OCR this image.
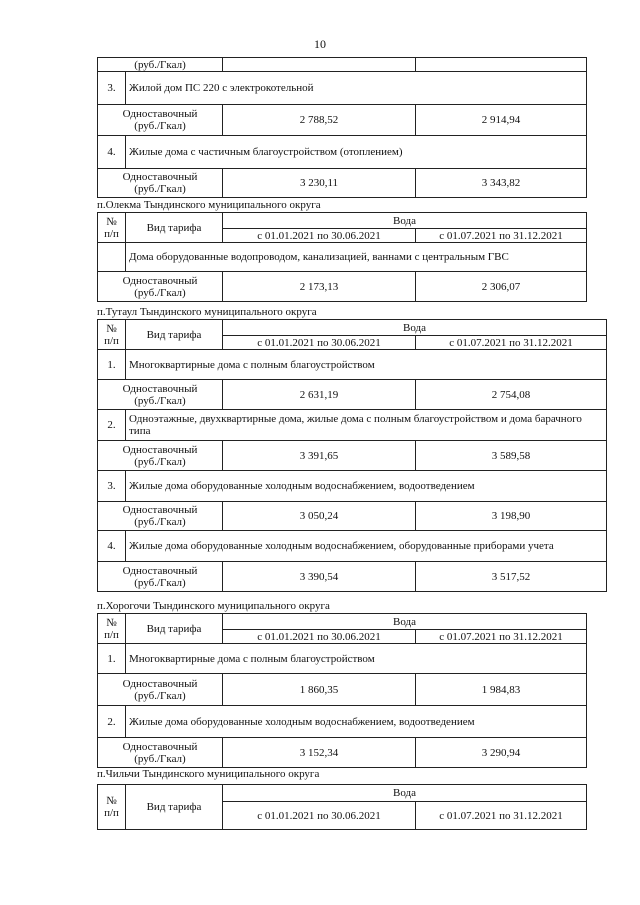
10
(руб./Гкал)			
3.	Жилой дом ПС 220 с электрокотельной		
Одноставочный
(руб./Гкал)		2 788,52	2 914,94
4.	Жилые дома с частичным благоустройством (отоплением)		
Одноставочный
(руб./Гкал)		3 230,11	3 343,82
п.Олекма Тындинского муниципального округа
№
п/п	Вид тарифа	Вода	
		с 01.01.2021 по 30.06.2021	с 01.07.2021 по 31.12.2021
	Дома оборудованные водопроводом, канализацией, ваннами с центральным ГВС		
Одноставочный
(руб./Гкал)		2 173,13	2 306,07
п.Тутаул Тындинского муниципального округа
№
п/п	Вид тарифа	Вода	
		с 01.01.2021 по 30.06.2021	с 01.07.2021 по 31.12.2021
1.	Многоквартирные дома с полным благоустройством		
Одноставочный
(руб./Гкал)		2 631,19	2 754,08
2.	Одноэтажные, двухквартирные дома, жилые дома с полным благоустройством и дома барачного типа		
Одноставочный
(руб./Гкал)		3 391,65	3 589,58
3.	Жилые дома оборудованные холодным водоснабжением, водоотведением		
Одноставочный
(руб./Гкал)		3 050,24	3 198,90
4.	Жилые дома оборудованные холодным водоснабжением, оборудованные приборами учета		
Одноставочный
(руб./Гкал)		3 390,54	3 517,52
п.Хорогочи Тындинского муниципального округа
№
п/п	Вид тарифа	Вода	
		с 01.01.2021 по 30.06.2021	с 01.07.2021 по 31.12.2021
1.	Многоквартирные дома с полным благоустройством		
Одноставочный
(руб./Гкал)		1 860,35	1 984,83
2.	Жилые дома оборудованные холодным водоснабжением, водоотведением		
Одноставочный
(руб./Гкал)		3 152,34	3 290,94
п.Чильчи Тындинского муниципального округа
№
п/п	Вид тарифа	Вода	
		с 01.01.2021 по 30.06.2021	с 01.07.2021 по 31.12.2021
